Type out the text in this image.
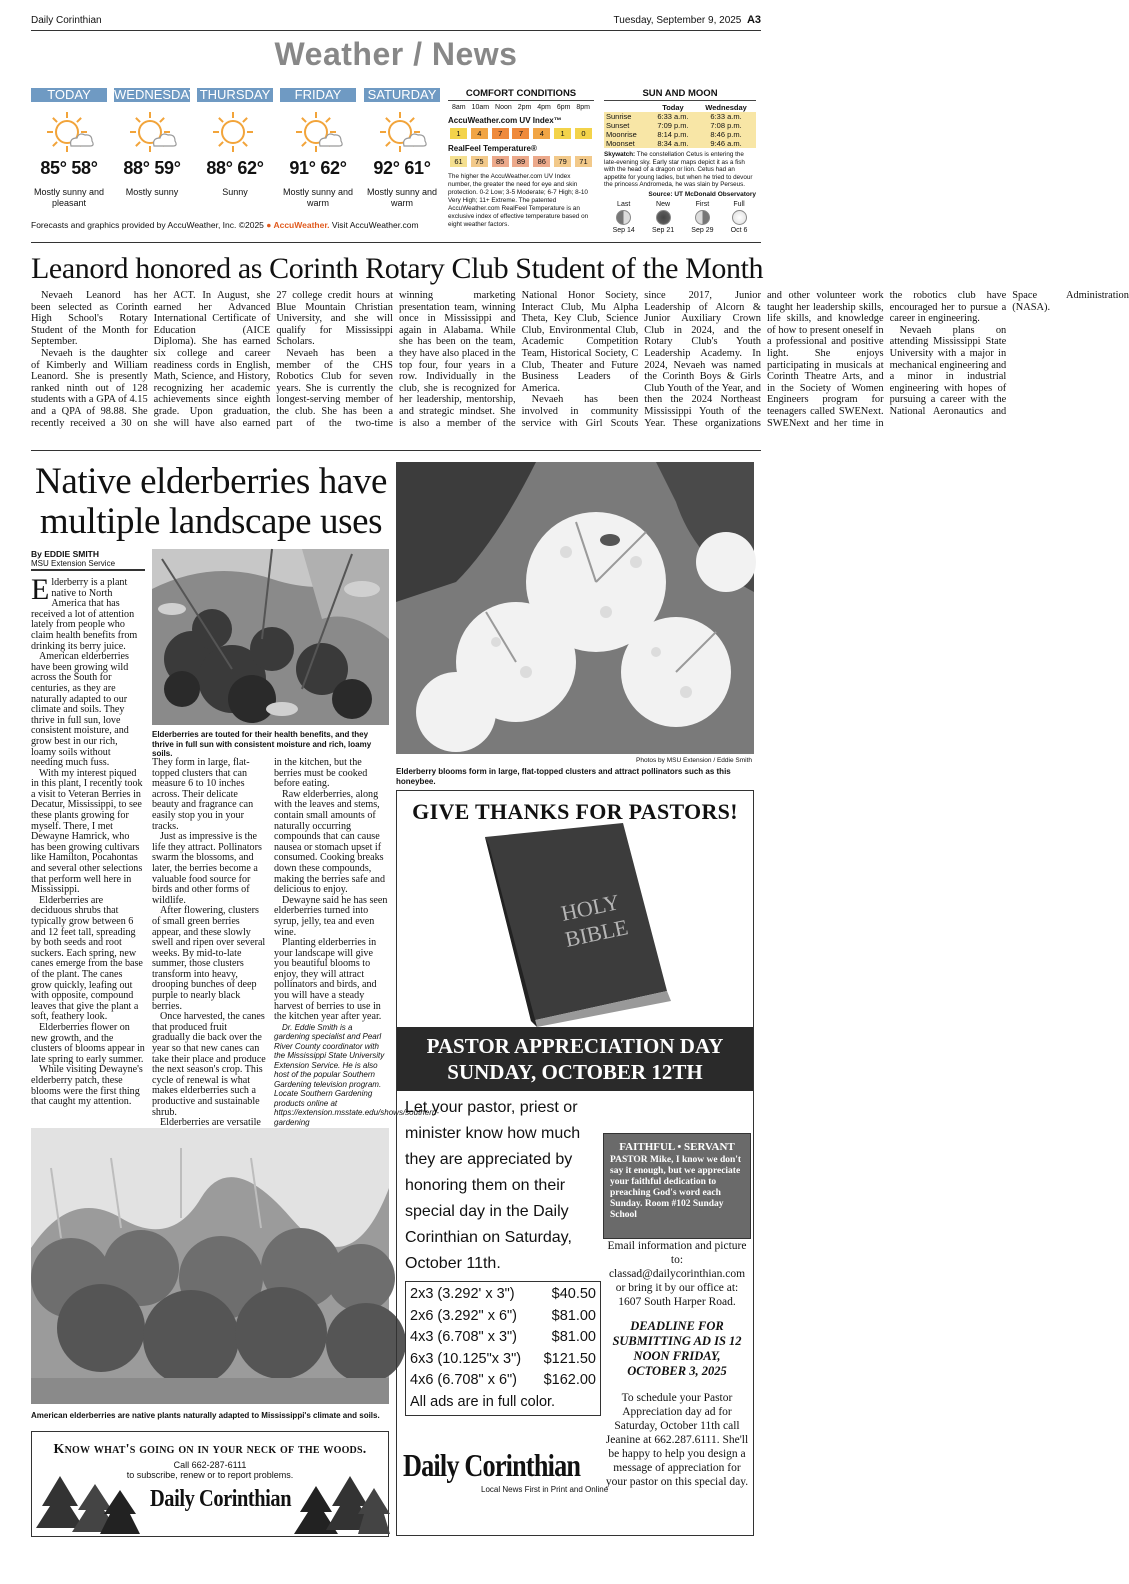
Daily Corinthian	Tuesday, September 9, 2025 A3
Weather / News
TODAY
85° 58°
Mostly sunny and pleasant
WEDNESDAY
88° 59°
Mostly sunny
THURSDAY
88° 62°
Sunny
FRIDAY
91° 62°
Mostly sunny and warm
SATURDAY
92° 61°
Mostly sunny and warm
Forecasts and graphics provided by AccuWeather, Inc. ©2025 ● AccuWeather. Visit AccuWeather.com
COMFORT CONDITIONS
8am 10am Noon 2pm 4pm 6pm 8pm
AccuWeather.com UV Index™
1	4	7	7	4	1	0
RealFeel Temperature®
61	75	85	89	86	79	71
The higher the AccuWeather.com UV Index number, the greater the need for eye and skin protection. 0-2 Low; 3-5 Moderate; 6-7 High; 8-10 Very High; 11+ Extreme. The patented AccuWeather.com RealFeel Temperature is an exclusive index of effective temperature based on eight weather factors.
SUN AND MOON
	Today	Wednesday
Sunrise	6:33 a.m.	6:33 a.m.
Sunset	7:09 p.m.	7:08 p.m.
Moonrise	8:14 p.m.	8:46 p.m.
Moonset	8:34 a.m.	9:46 a.m.
Skywatch: The constellation Cetus is entering the late-evening sky. Early star maps depict it as a fish with the head of a dragon or lion. Cetus had an appetite for young ladies, but when he tried to devour the princess Andromeda, he was slain by Perseus.
Source: UT McDonald Observatory
Last
Sep 14
New
Sep 21
First
Sep 29
Full
Oct 6
Leanord honored as Corinth Rotary Club Student of the Month

Nevaeh Leanord has been selected as Corinth High School's Rotary Student of the Month for September.

Nevaeh is the daughter of Kimberly and William Leanord. She is presently ranked ninth out of 128 students with a GPA of 4.15 and a QPA of 98.88. She recently received a 30 on her ACT. In August, she earned her Advanced International Certificate of Education (AICE Diploma). She has earned six college and career readiness cords in English, Math, Science, and History, recognizing her academic achievements since eighth grade. Upon graduation, she will have also earned 27 college credit hours at Blue Mountain Christian University, and she will qualify for Mississippi Scholars.

Nevaeh has been a member of the CHS Robotics Club for seven years. She is currently the longest-serving member of the club. She has been a part of the two-time winning marketing presentation team, winning once in Mississippi and again in Alabama. While she has been on the team, they have also placed in the top four, four years in a row. Individually in the club, she is recognized for her leadership, mentorship, and strategic mindset. She is also a member of the National Honor Society, Interact Club, Mu Alpha Theta, Key Club, Science Club, Environmental Club, Academic Competition Team, Historical Society, C Club, Theater and Future Business Leaders of America.

Nevaeh has been involved in community service with Girl Scouts since 2017, Junior Leadership of Alcorn & Junior Auxiliary Crown Club in 2024, and the Rotary Club's Youth Leadership Academy. In 2024, Nevaeh was named the Corinth Boys & Girls Club Youth of the Year, and then the 2024 Northeast Mississippi Youth of the Year. These organizations and other volunteer work taught her leadership skills, life skills, and knowledge of how to present oneself in a professional and positive light. She enjoys participating in musicals at Corinth Theatre Arts, and in the Society of Women Engineers program for teenagers called SWENext. SWENext and her time in the robotics club have encouraged her to pursue a career in engineering.

Nevaeh plans on attending Mississippi State University with a major in mechanical engineering and a minor in industrial engineering with hopes of pursuing a career with the National Aeronautics and Space Administration (NASA).

Native elderberries have
multiple landscape uses
By EDDIE SMITH
MSU Extension Service

Elderberry is a plant native to North America that has received a lot of attention lately from people who claim health benefits from drinking its berry juice.

American elderberries have been growing wild across the South for centuries, as they are naturally adapted to our climate and soils. They thrive in full sun, love consistent moisture, and grow best in our rich, loamy soils without needing much fuss.

With my interest piqued in this plant, I recently took a visit to Veteran Berries in Decatur, Mississippi, to see these plants growing for myself. There, I met Dewayne Hamrick, who has been growing cultivars like Hamilton, Pocahontas and several other selections that perform well here in Mississippi.

Elderberries are deciduous shrubs that typically grow between 6 and 12 feet tall, spreading by both seeds and root suckers. Each spring, new canes emerge from the base of the plant. The canes grow quickly, leafing out with opposite, compound leaves that give the plant a soft, feathery look.

Elderberries flower on new growth, and the clusters of blooms appear in late spring to early summer.

While visiting Dewayne's elderberry patch, these blooms were the first thing that caught my attention.

Elderberries are touted for their health benefits, and they thrive in full sun with consistent moisture and rich, loamy soils.

They form in large, flat-topped clusters that can measure 6 to 10 inches across. Their delicate beauty and fragrance can easily stop you in your tracks.

Just as impressive is the life they attract. Pollinators swarm the blossoms, and later, the berries become a valuable food source for birds and other forms of wildlife.

After flowering, clusters of small green berries appear, and these slowly swell and ripen over several weeks. By mid-to-late summer, those clusters transform into heavy, drooping bunches of deep purple to nearly black berries.

Once harvested, the canes that produced fruit gradually die back over the year so that new canes can take their place and produce the next season's crop. This cycle of renewal is what makes elderberries such a productive and sustainable shrub.

Elderberries are versatile

in the kitchen, but the berries must be cooked before eating.

Raw elderberries, along with the leaves and stems, contain small amounts of naturally occurring compounds that can cause nausea or stomach upset if consumed. Cooking breaks down these compounds, making the berries safe and delicious to enjoy.

Dewayne said he has seen elderberries turned into syrup, jelly, tea and even wine.

Planting elderberries in your landscape will give you beautiful blooms to enjoy, they will attract pollinators and birds, and you will have a steady harvest of berries to use in the kitchen year after year.

Dr. Eddie Smith is a gardening specialist and Pearl River County coordinator with the Mississippi State University Extension Service. He is also host of the popular Southern Gardening television program. Locate Southern Gardening products online at https://extension.msstate.edu/shows/southern-gardening

Photos by MSU Extension / Eddie Smith
Elderberry blooms form in large, flat-topped clusters and attract pollinators such as this honeybee.
American elderberries are native plants naturally adapted to Mississippi's climate and soils.
GIVE THANKS FOR PASTORS!
HOLY
BIBLE
PASTOR APPRECIATION DAY
SUNDAY, OCTOBER 12TH
Let your pastor, priest or minister know how much they are appreciated by honoring them on their special day in the Daily Corinthian on Saturday, October 11th.
FAITHFUL • SERVANT
PASTOR Mike, I know we don't say it enough, but we appreciate your faithful dedication to preaching God's word each Sunday. Room #102 Sunday School
2x3 (3.292' x 3")	$40.50
2x6 (3.292" x 6") $81.00
4x3 (6.708" x 3") $81.00
6x3 (10.125"x 3") $121.50
4x6 (6.708" x 6") $162.00
All ads are in full color.
Email information and picture to: classad@dailycorinthian.com or bring it by our office at: 1607 South Harper Road.
DEADLINE FOR SUBMITTING AD IS 12 NOON FRIDAY, OCTOBER 3, 2025
To schedule your Pastor Appreciation day ad for Saturday, October 11th call Jeanine at 662.287.6111. She'll be happy to help you design a message of appreciation for your pastor on this special day.
Daily Corinthian
Local News First in Print and Online
Know what's going on in your neck of the woods.
Call 662-287-6111
to subscribe, renew or to report problems.
Daily Corinthian
